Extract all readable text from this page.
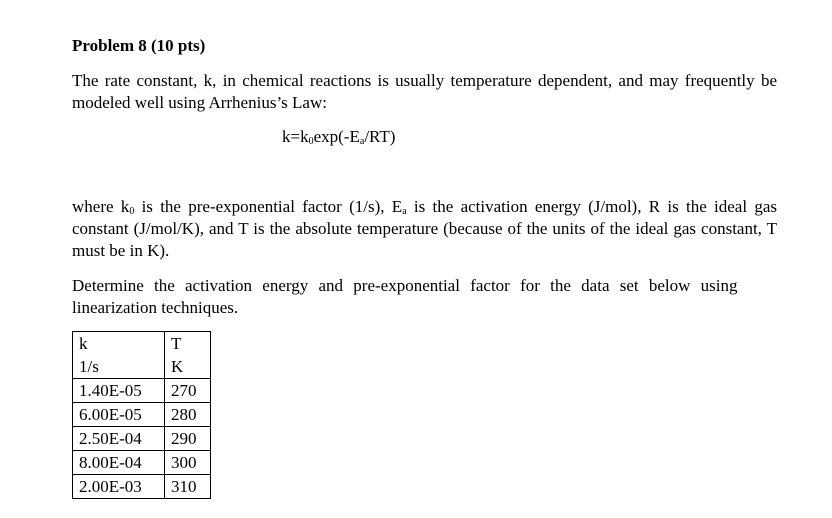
Problem 8 (10 pts)
The rate constant, k, in chemical reactions is usually temperature dependent, and may frequently be modeled well using Arrhenius’s Law:
$k=k_0\exp(-E_a/RT)$
where $k_0$ is the pre-exponential factor (1/s), $E_a$ is the activation energy (J/mol), R is the ideal gas constant (J/mol/K), and T is the absolute temperature (because of the units of the ideal gas constant, T must be in K).
Determine the activation energy and pre-exponential factor for the data set below using
linearization techniques.
k	T
1/s	K
1.40E-05	270
6.00E-05	280
2.50E-04	290
8.00E-04	300
2.00E-03	310
